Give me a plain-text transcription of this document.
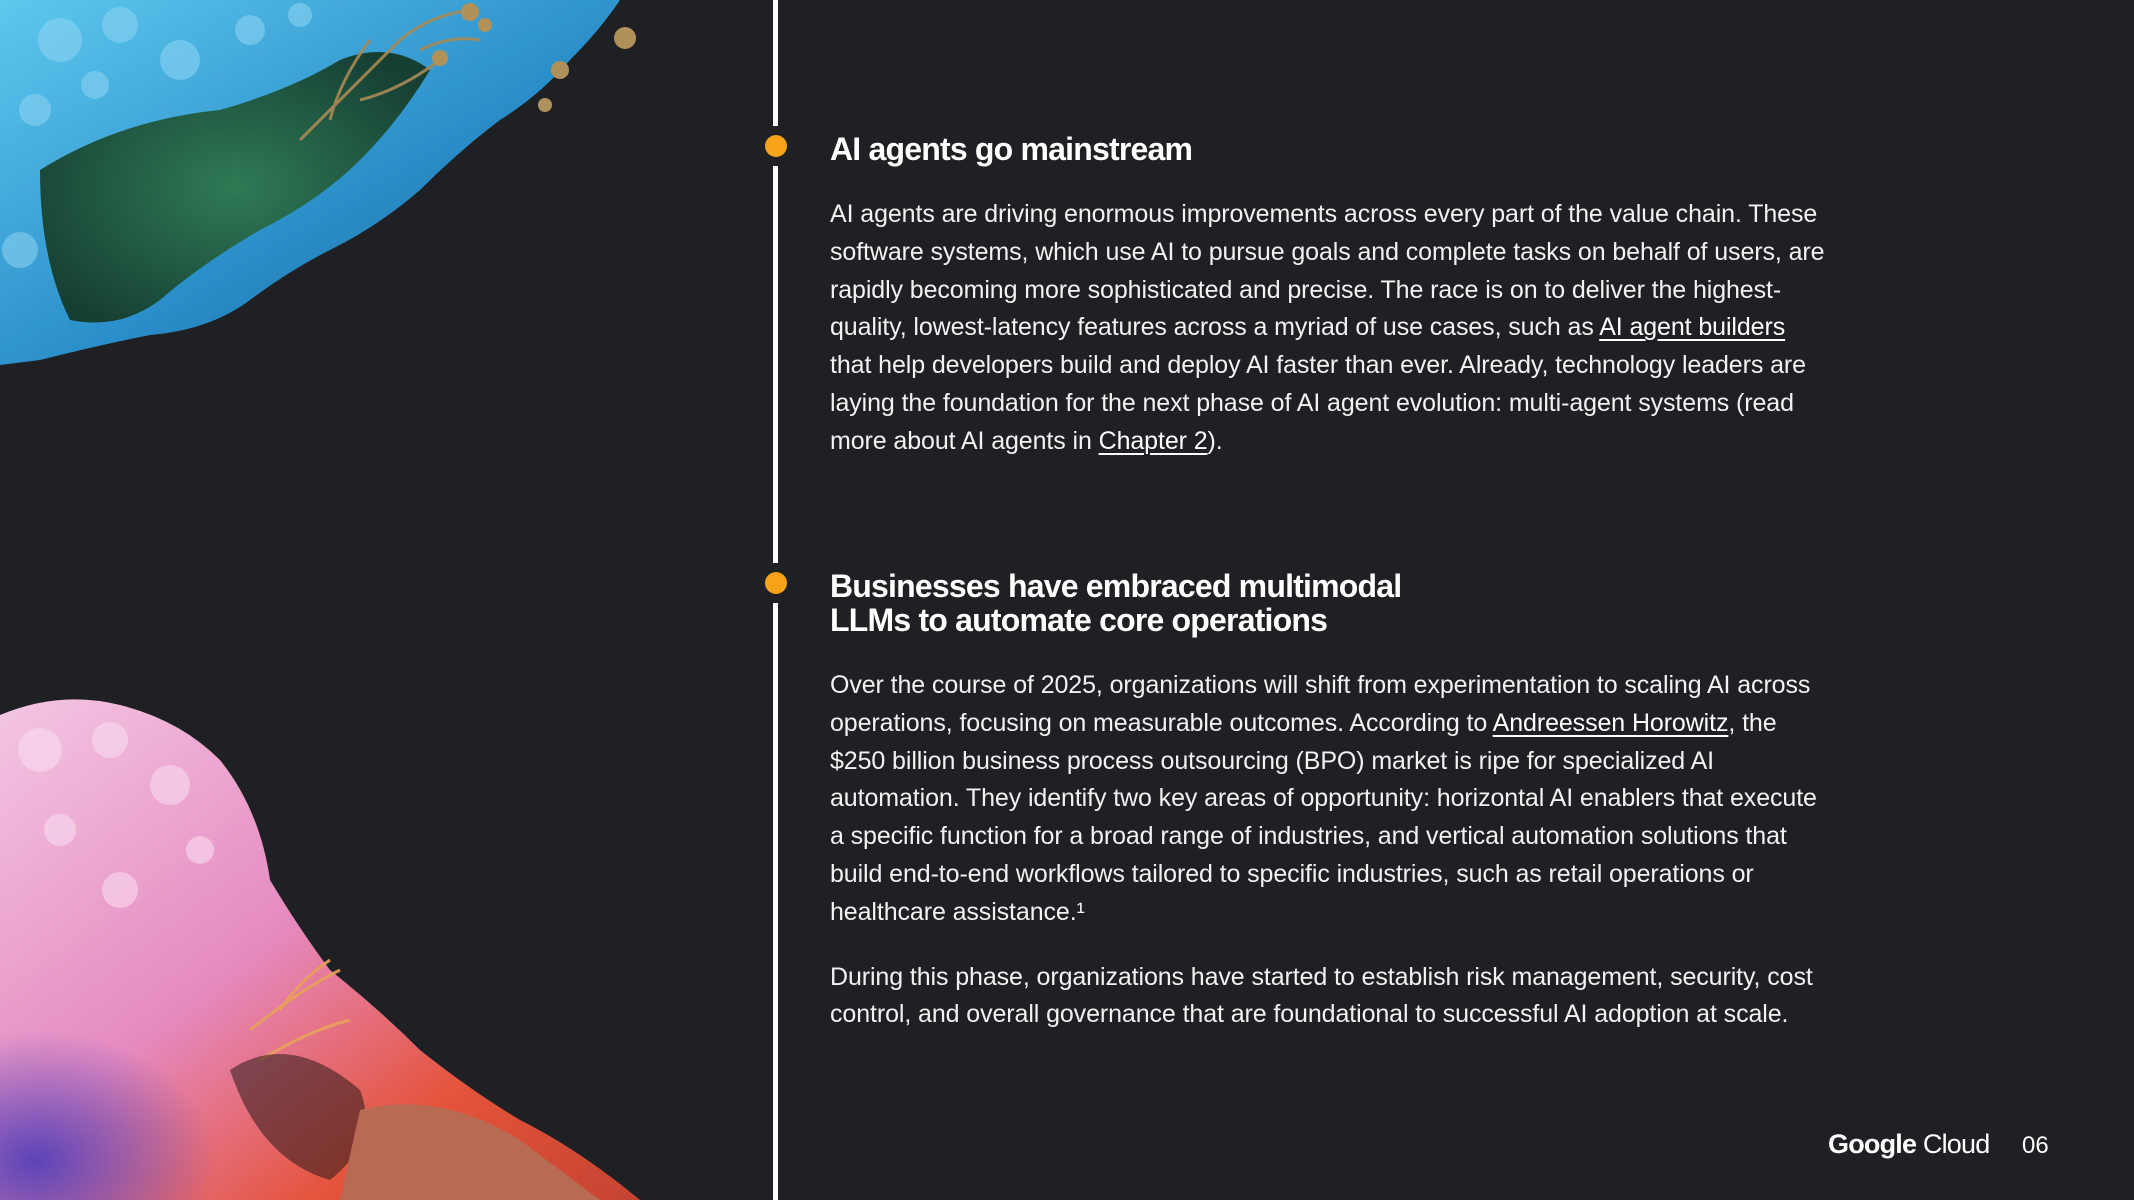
AI agents go mainstream

AI agents are driving enormous improvements across every part of the value chain. These software systems, which use AI to pursue goals and complete tasks on behalf of users, are rapidly becoming more sophisticated and precise. The race is on to deliver the highest-quality, lowest-latency features across a myriad of use cases, such as AI agent builders that help developers build and deploy AI faster than ever. Already, technology leaders are laying the foundation for the next phase of AI agent evolution: multi-agent systems (read more about AI agents in Chapter 2).

Businesses have embraced multimodal
LLMs to automate core operations

Over the course of 2025, organizations will shift from experimentation to scaling AI across operations, focusing on measurable outcomes. According to Andreessen Horowitz, the $250 billion business process outsourcing (BPO) market is ripe for specialized AI automation. They identify two key areas of opportunity: horizontal AI enablers that execute a specific function for a broad range of industries, and vertical automation solutions that build end-to-end workflows tailored to specific industries, such as retail operations or healthcare assistance.¹

During this phase, organizations have started to establish risk management, security, cost control, and overall governance that are foundational to successful AI adoption at scale.

Google Cloud 06
